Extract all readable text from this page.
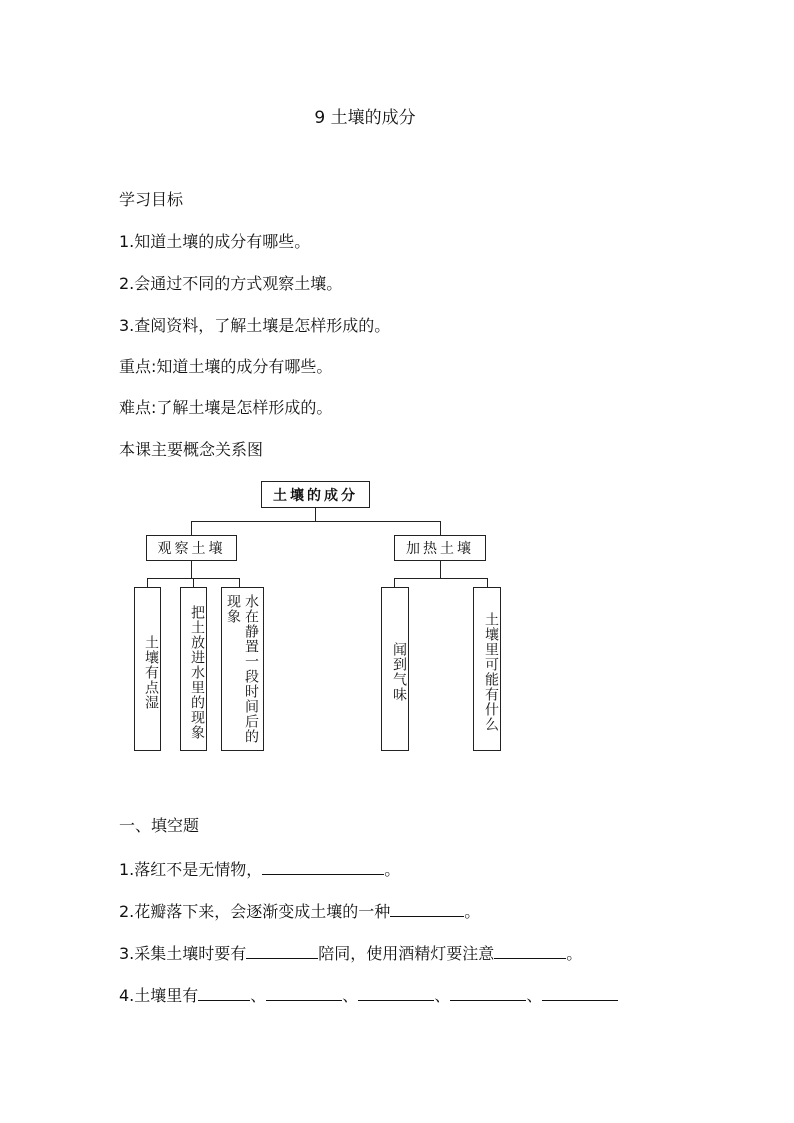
9 土壤的成分
学习目标
1.知道土壤的成分有哪些。
2.会通过不同的方式观察土壤。
3.查阅资料，了解土壤是怎样形成的。
重点:知道土壤的成分有哪些。
难点:了解土壤是怎样形成的。
本课主要概念关系图
土壤的成分
观察土壤
土壤有点湿	把土放进水里的现象	水在静置一段时间后的现象
加热土壤
闻到气味	土壤里可能有什么
一、填空题
1.落红不是无情物，	。
2.花瓣落下来，会逐渐变成土壤的一种	。
3.采集土壤时要有	陪同，使用酒精灯要注意	。
4.土壤里有	、	、	、	、
